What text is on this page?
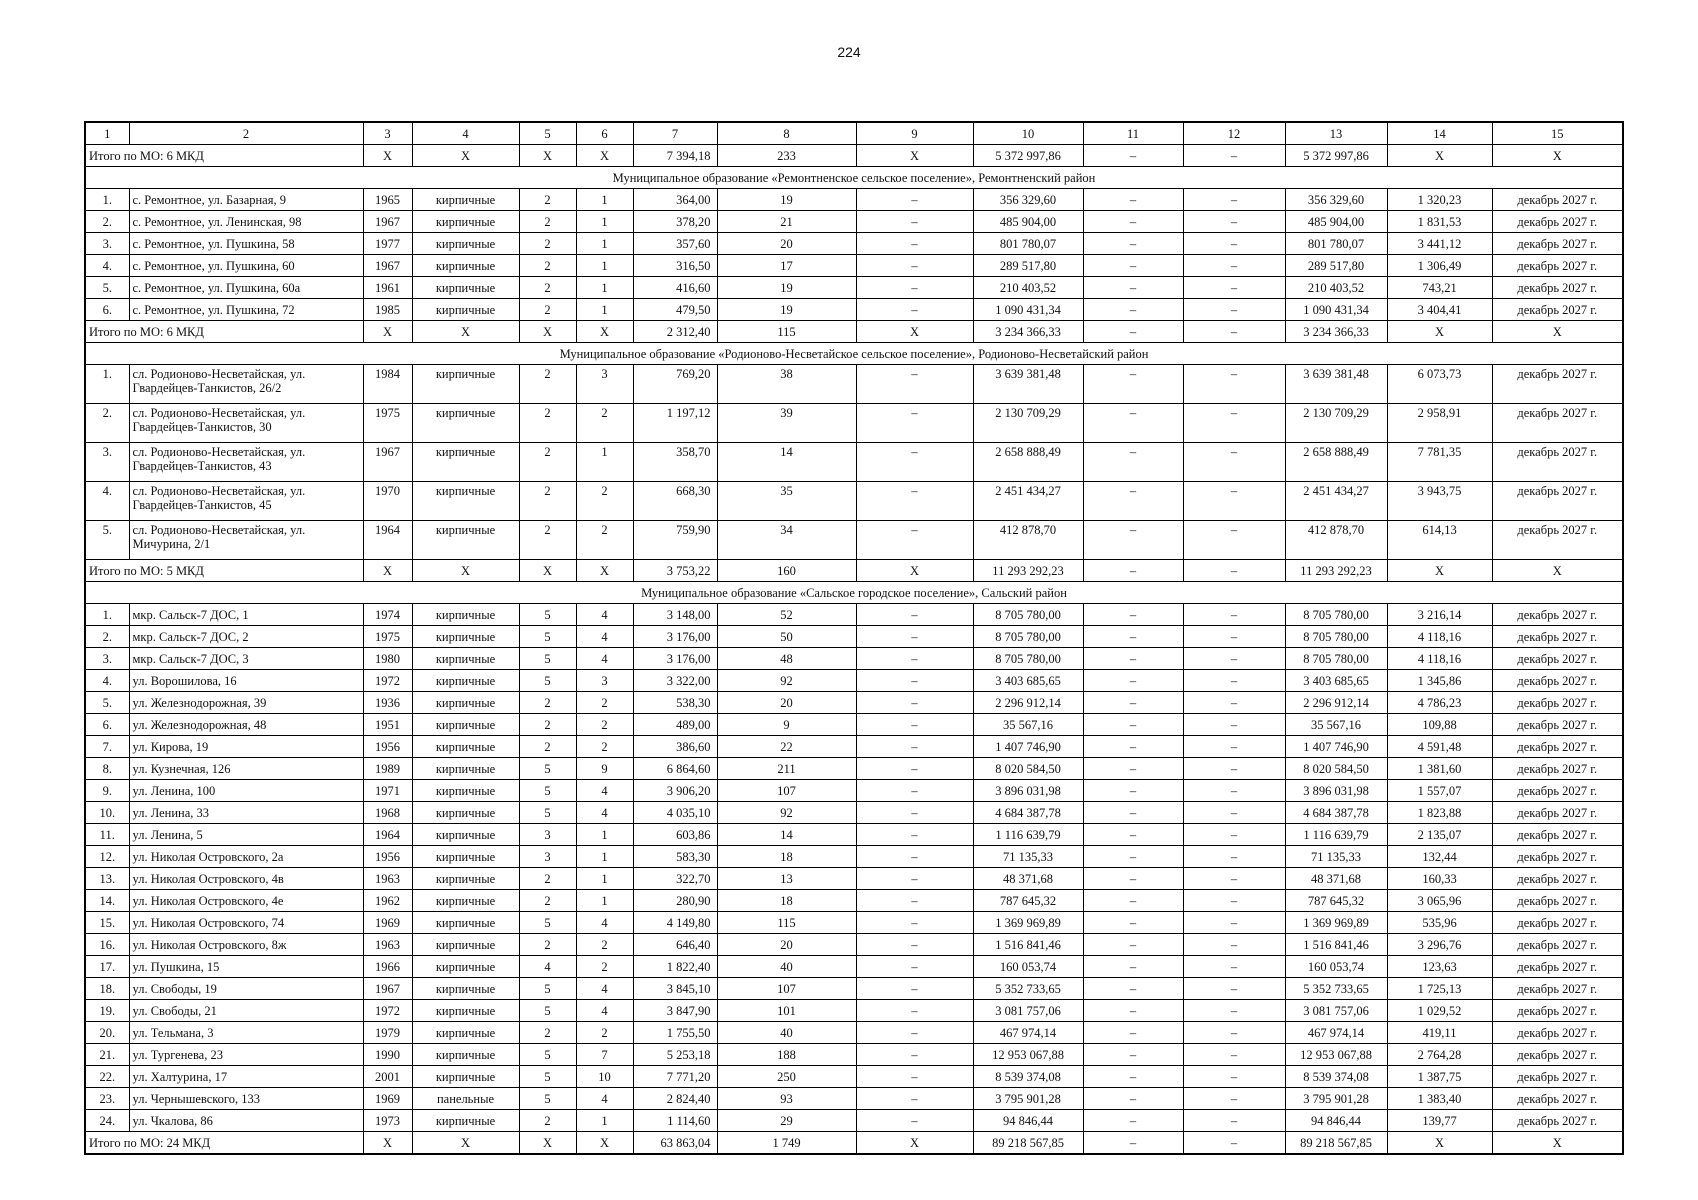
224
1	2	3	4	5	6	7	8	9	10	11	12	13	14	15
Итого по МО: 6 МКД		Х	Х	Х	Х	7 394,18	233	Х	5 372 997,86	–	–	5 372 997,86	Х	Х
Муниципальное образование «Ремонтненское сельское поселение», Ремонтненский район														
1.	с. Ремонтное, ул. Базарная, 9	1965	кирпичные	2	1	364,00	19	–	356 329,60	–	–	356 329,60	1 320,23	декабрь 2027 г.
2.	с. Ремонтное, ул. Ленинская, 98	1967	кирпичные	2	1	378,20	21	–	485 904,00	–	–	485 904,00	1 831,53	декабрь 2027 г.
3.	с. Ремонтное, ул. Пушкина, 58	1977	кирпичные	2	1	357,60	20	–	801 780,07	–	–	801 780,07	3 441,12	декабрь 2027 г.
4.	с. Ремонтное, ул. Пушкина, 60	1967	кирпичные	2	1	316,50	17	–	289 517,80	–	–	289 517,80	1 306,49	декабрь 2027 г.
5.	с. Ремонтное, ул. Пушкина, 60а	1961	кирпичные	2	1	416,60	19	–	210 403,52	–	–	210 403,52	743,21	декабрь 2027 г.
6.	с. Ремонтное, ул. Пушкина, 72	1985	кирпичные	2	1	479,50	19	–	1 090 431,34	–	–	1 090 431,34	3 404,41	декабрь 2027 г.
Итого по МО: 6 МКД		Х	Х	Х	Х	2 312,40	115	Х	3 234 366,33	–	–	3 234 366,33	Х	Х
Муниципальное образование «Родионово-Несветайское сельское поселение», Родионово-Несветайский район														
1.	сл. Родионово-Несветайская, ул. Гвардейцев-Танкистов, 26/2	1984	кирпичные	2	3	769,20	38	–	3 639 381,48	–	–	3 639 381,48	6 073,73	декабрь 2027 г.
2.	сл. Родионово-Несветайская, ул. Гвардейцев-Танкистов, 30	1975	кирпичные	2	2	1 197,12	39	–	2 130 709,29	–	–	2 130 709,29	2 958,91	декабрь 2027 г.
3.	сл. Родионово-Несветайская, ул. Гвардейцев-Танкистов, 43	1967	кирпичные	2	1	358,70	14	–	2 658 888,49	–	–	2 658 888,49	7 781,35	декабрь 2027 г.
4.	сл. Родионово-Несветайская, ул. Гвардейцев-Танкистов, 45	1970	кирпичные	2	2	668,30	35	–	2 451 434,27	–	–	2 451 434,27	3 943,75	декабрь 2027 г.
5.	сл. Родионово-Несветайская, ул. Мичурина, 2/1	1964	кирпичные	2	2	759,90	34	–	412 878,70	–	–	412 878,70	614,13	декабрь 2027 г.
Итого по МО: 5 МКД		Х	Х	Х	Х	3 753,22	160	Х	11 293 292,23	–	–	11 293 292,23	Х	Х
Муниципальное образование «Сальское городское поселение», Сальский район														
1.	мкр. Сальск-7 ДОС, 1	1974	кирпичные	5	4	3 148,00	52	–	8 705 780,00	–	–	8 705 780,00	3 216,14	декабрь 2027 г.
2.	мкр. Сальск-7 ДОС, 2	1975	кирпичные	5	4	3 176,00	50	–	8 705 780,00	–	–	8 705 780,00	4 118,16	декабрь 2027 г.
3.	мкр. Сальск-7 ДОС, 3	1980	кирпичные	5	4	3 176,00	48	–	8 705 780,00	–	–	8 705 780,00	4 118,16	декабрь 2027 г.
4.	ул. Ворошилова, 16	1972	кирпичные	5	3	3 322,00	92	–	3 403 685,65	–	–	3 403 685,65	1 345,86	декабрь 2027 г.
5.	ул. Железнодорожная, 39	1936	кирпичные	2	2	538,30	20	–	2 296 912,14	–	–	2 296 912,14	4 786,23	декабрь 2027 г.
6.	ул. Железнодорожная, 48	1951	кирпичные	2	2	489,00	9	–	35 567,16	–	–	35 567,16	109,88	декабрь 2027 г.
7.	ул. Кирова, 19	1956	кирпичные	2	2	386,60	22	–	1 407 746,90	–	–	1 407 746,90	4 591,48	декабрь 2027 г.
8.	ул. Кузнечная, 126	1989	кирпичные	5	9	6 864,60	211	–	8 020 584,50	–	–	8 020 584,50	1 381,60	декабрь 2027 г.
9.	ул. Ленина, 100	1971	кирпичные	5	4	3 906,20	107	–	3 896 031,98	–	–	3 896 031,98	1 557,07	декабрь 2027 г.
10.	ул. Ленина, 33	1968	кирпичные	5	4	4 035,10	92	–	4 684 387,78	–	–	4 684 387,78	1 823,88	декабрь 2027 г.
11.	ул. Ленина, 5	1964	кирпичные	3	1	603,86	14	–	1 116 639,79	–	–	1 116 639,79	2 135,07	декабрь 2027 г.
12.	ул. Николая Островского, 2а	1956	кирпичные	3	1	583,30	18	–	71 135,33	–	–	71 135,33	132,44	декабрь 2027 г.
13.	ул. Николая Островского, 4в	1963	кирпичные	2	1	322,70	13	–	48 371,68	–	–	48 371,68	160,33	декабрь 2027 г.
14.	ул. Николая Островского, 4е	1962	кирпичные	2	1	280,90	18	–	787 645,32	–	–	787 645,32	3 065,96	декабрь 2027 г.
15.	ул. Николая Островского, 74	1969	кирпичные	5	4	4 149,80	115	–	1 369 969,89	–	–	1 369 969,89	535,96	декабрь 2027 г.
16.	ул. Николая Островского, 8ж	1963	кирпичные	2	2	646,40	20	–	1 516 841,46	–	–	1 516 841,46	3 296,76	декабрь 2027 г.
17.	ул. Пушкина, 15	1966	кирпичные	4	2	1 822,40	40	–	160 053,74	–	–	160 053,74	123,63	декабрь 2027 г.
18.	ул. Свободы, 19	1967	кирпичные	5	4	3 845,10	107	–	5 352 733,65	–	–	5 352 733,65	1 725,13	декабрь 2027 г.
19.	ул. Свободы, 21	1972	кирпичные	5	4	3 847,90	101	–	3 081 757,06	–	–	3 081 757,06	1 029,52	декабрь 2027 г.
20.	ул. Тельмана, 3	1979	кирпичные	2	2	1 755,50	40	–	467 974,14	–	–	467 974,14	419,11	декабрь 2027 г.
21.	ул. Тургенева, 23	1990	кирпичные	5	7	5 253,18	188	–	12 953 067,88	–	–	12 953 067,88	2 764,28	декабрь 2027 г.
22.	ул. Халтурина, 17	2001	кирпичные	5	10	7 771,20	250	–	8 539 374,08	–	–	8 539 374,08	1 387,75	декабрь 2027 г.
23.	ул. Чернышевского, 133	1969	панельные	5	4	2 824,40	93	–	3 795 901,28	–	–	3 795 901,28	1 383,40	декабрь 2027 г.
24.	ул. Чкалова, 86	1973	кирпичные	2	1	1 114,60	29	–	94 846,44	–	–	94 846,44	139,77	декабрь 2027 г.
Итого по МО: 24 МКД		Х	Х	Х	Х	63 863,04	1 749	Х	89 218 567,85	–	–	89 218 567,85	Х	Х
